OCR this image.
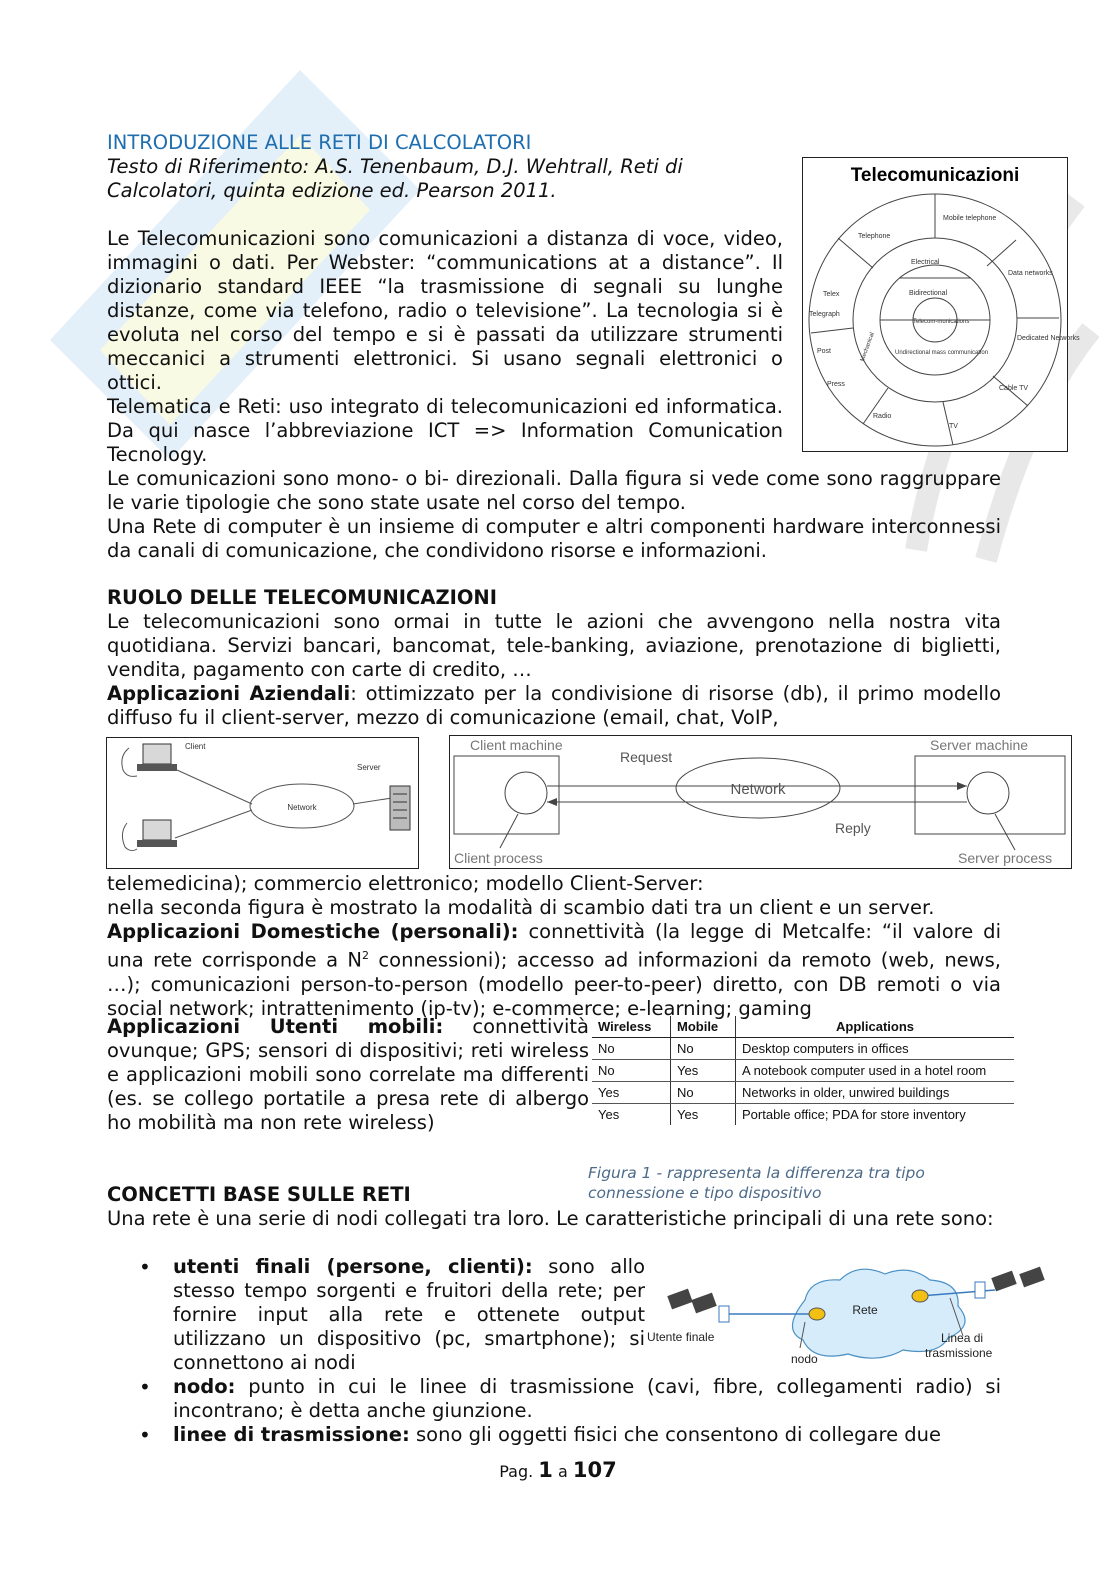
INTRODUZIONE ALLE RETI DI CALCOLATORI
Testo di Riferimento: A.S. Tenenbaum, D.J. Wehtrall, Reti di
Calcolatori, quinta edizione ed. Pearson 2011.
Le Telecomunicazioni sono comunicazioni a distanza di voce, video, immagini o dati. Per Webster: “communications at a distance”. Il dizionario standard IEEE “la trasmissione di segnali su lunghe distanze, come via telefono, radio o televisione”. La tecnologia si è evoluta nel corso del tempo e si è passati da utilizzare strumenti meccanici a strumenti elettronici. Si usano segnali elettronici o ottici.
Telematica e Reti: uso integrato di telecomunicazioni ed informatica. Da qui nasce l’abbreviazione ICT => Information Comunication Tecnology.
Le comunicazioni sono mono- o bi- direzionali. Dalla figura si vede come sono raggruppare le varie tipologie che sono state usate nel corso del tempo.
Una Rete di computer è un insieme di computer e altri componenti hardware interconnessi da canali di comunicazione, che condividono risorse e informazioni.
Telecomunicazioni
Mobile telephone
Telephone
Data networks
Telex
Telegraph
Dedicated Networks
Post
Press
Cable TV
Radio
TV
Electrical
Bidirectional
Telecom-munications
Mechanical	Undirectional mass communication
RUOLO DELLE TELECOMUNICAZIONI
Le telecomunicazioni sono ormai in tutte le azioni che avvengono nella nostra vita quotidiana. Servizi bancari, bancomat, tele-banking, aviazione, prenotazione di biglietti, vendita, pagamento con carte di credito, …
Applicazioni Aziendali: ottimizzato per la condivisione di risorse (db), il primo modello diffuso fu il client-server, mezzo di comunicazione (email, chat, VoIP,
Client
Server
Network
Client machine	Server machine
Request
Reply
Network
Client process	Server process
telemedicina); commercio elettronico; modello Client-Server:
nella seconda figura è mostrato la modalità di scambio dati tra un client e un server.
Applicazioni Domestiche (personali): connettività (la legge di Metcalfe: “il valore di una rete corrisponde a $N^2$ connessioni); accesso ad informazioni da remoto (web, news, …); comunicazioni person-to-person (modello peer-to-peer) diretto, con DB remoti o via social network; intrattenimento (ip-tv); e-commerce; e-learning; gaming
Applicazioni Utenti mobili: connettività ovunque; GPS; sensori di dispositivi; reti wireless e applicazioni mobili sono correlate ma differenti (es. se collego portatile a presa rete di albergo ho mobilità ma non rete wireless)
Wireless	Mobile	Applications
No	No	Desktop computers in offices
No	Yes	A notebook computer used in a hotel room
Yes	No	Networks in older, unwired buildings
Yes	Yes	Portable office; PDA for store inventory
Figura 1 - rappresenta la differenza tra tipo connessione e tipo dispositivo
CONCETTI BASE SULLE RETI
Una rete è una serie di nodi collegati tra loro. Le caratteristiche principali di una rete sono:
• utenti finali (persone, clienti): sono allo stesso tempo sorgenti e fruitori della rete; per fornire input alla rete e ottenete output utilizzano un dispositivo (pc, smartphone); si connettono ai nodi
• nodo: punto in cui le linee di trasmissione (cavi, fibre, collegamenti radio) si incontrano; è detta anche giunzione.
• linee di trasmissione: sono gli oggetti fisici che consentono di collegare due
Rete
Utente finale
nodo
Linea di
trasmissione
Pag. 1 a 107
